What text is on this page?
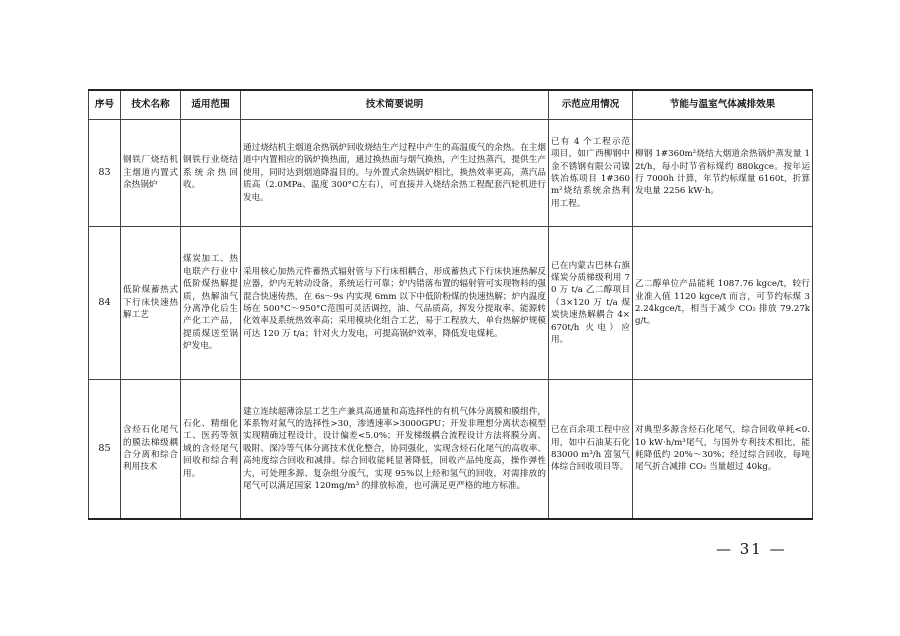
序号	技术名称	适用范围	技术简要说明	示范应用情况	节能与温室气体减排效果
83	钢铁厂烧结机主烟道内置式余热锅炉	钢铁行业烧结系统余热回收。	通过烧结机主烟道余热锅炉回收烧结生产过程中产生的高温废气的余热。在主烟道中内置相应的锅炉换热面，通过换热面与烟气换热，产生过热蒸汽，提供生产使用，同时达到烟道降温目的。与外置式余热锅炉相比，换热效率更高，蒸汽品质高（2.0MPa、温度 300°C左右），可直接并入烧结余热工程配套汽轮机进行发电。	已有 4 个工程示范项目，如广西柳钢中金不锈钢有限公司镍铁冶炼项目 1#360m²烧结系统余热利用工程。	柳钢 1#360m²烧结大烟道余热锅炉蒸发量 12t/h，每小时节省标煤约 880kgce。按年运行 7000h 计算，年节约标煤量 6160t，折算发电量 2256 kW·h。
84	低阶煤蓄热式下行床快速热解工艺	煤炭加工、热电联产行业中低阶煤热解提质，热解油气分离净化后生产化工产品，提质煤送至锅炉发电。	采用核心加热元件蓄热式辐射管与下行床相耦合，形成蓄热式下行床快速热解反应器，炉内无转动设备，系统运行可靠；炉内错落布置的辐射管可实现物料的强混合快速传热，在 6s～9s 内实现 6mm 以下中低阶粉煤的快速热解；炉内温度场在 500°C～950°C范围可灵活调控，油、气品质高，挥发分提取率、能源转化效率及系统热效率高；采用模块化组合工艺，易于工程放大，单台热解炉规模可达 120 万 t/a；针对火力发电，可提高锅炉效率，降低发电煤耗。	已在内蒙古巴林右旗煤炭分质梯级利用 70 万 t/a 乙二醇项目（3×120 万 t/a 煤炭快速热解耦合 4×670t/h 火电）应用。	乙二醇单位产品能耗 1087.76 kgce/t，较行业准入值 1120 kgce/t 而言，可节约标煤 32.24kgce/t，相当于减少 CO₂ 排放 79.27kg/t。
85	含烃石化尾气的膜法梯级耦合分离和综合利用技术	石化、精细化工、医药等领域的含烃尾气回收和综合利用。	建立连续超薄涂层工艺生产兼具高通量和高选择性的有机气体分离膜和膜组件，苯系物对氮气的选择性>30，渗透速率>3000GPU；开发非理想分离状态模型实现精确过程设计，设计偏差<5.0%；开发梯级耦合流程设计方法将膜分离、吸附、深冷等气体分离技术优化整合，协同强化，实现含烃石化尾气的高收率、高纯度综合回收和减排。综合回收能耗显著降低，回收产品纯度高，操作弹性大，可处理多源、复杂组分废气，实现 95%以上烃和氢气的回收，对需排放的尾气可以满足国家 120mg/m³ 的排放标准，也可满足更严格的地方标准。	已在百余项工程中应用，如中石油某石化 83000 m³/h 富氢气体综合回收项目等。	对典型多源含烃石化尾气，综合回收单耗<0.10 kW·h/m³尾气，与国外专利技术相比，能耗降低约 20%～30%；经过综合回收，每吨尾气折合减排 CO₂ 当量超过 40kg。
— 31 —
